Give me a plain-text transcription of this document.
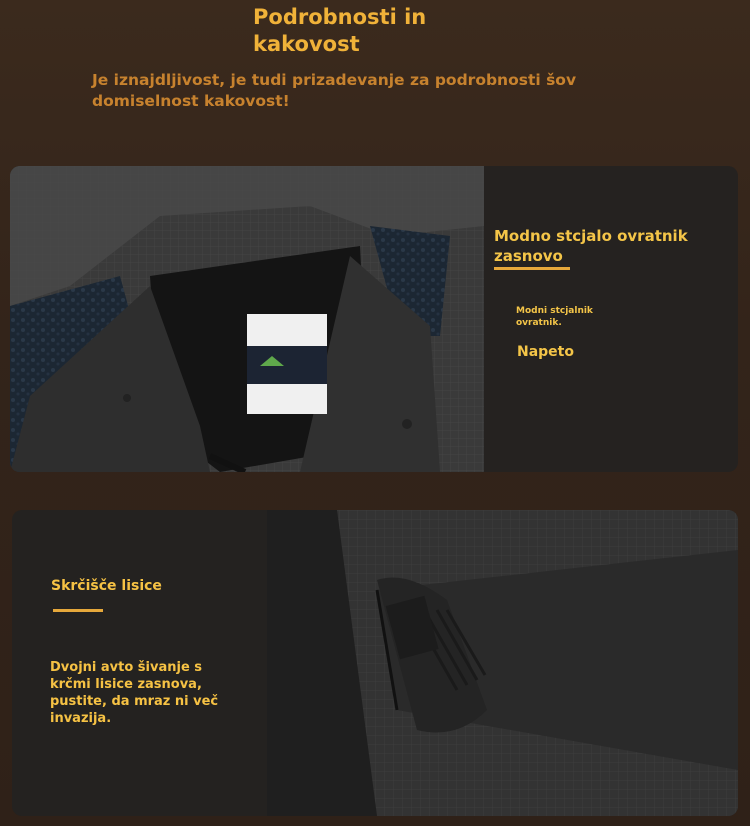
Podrobnosti in kakovost
Je iznajdljivost, je tudi prizadevanje za podrobnosti šov domiselnost kakovost!
Modno stcjalo ovratnik zasnovo
Modni stcjalnik ovratnik.
Napeto
Skrčišče lisice
Dvojni avto šivanje s krčmi lisice zasnova, pustite, da mraz ni več invazija.
